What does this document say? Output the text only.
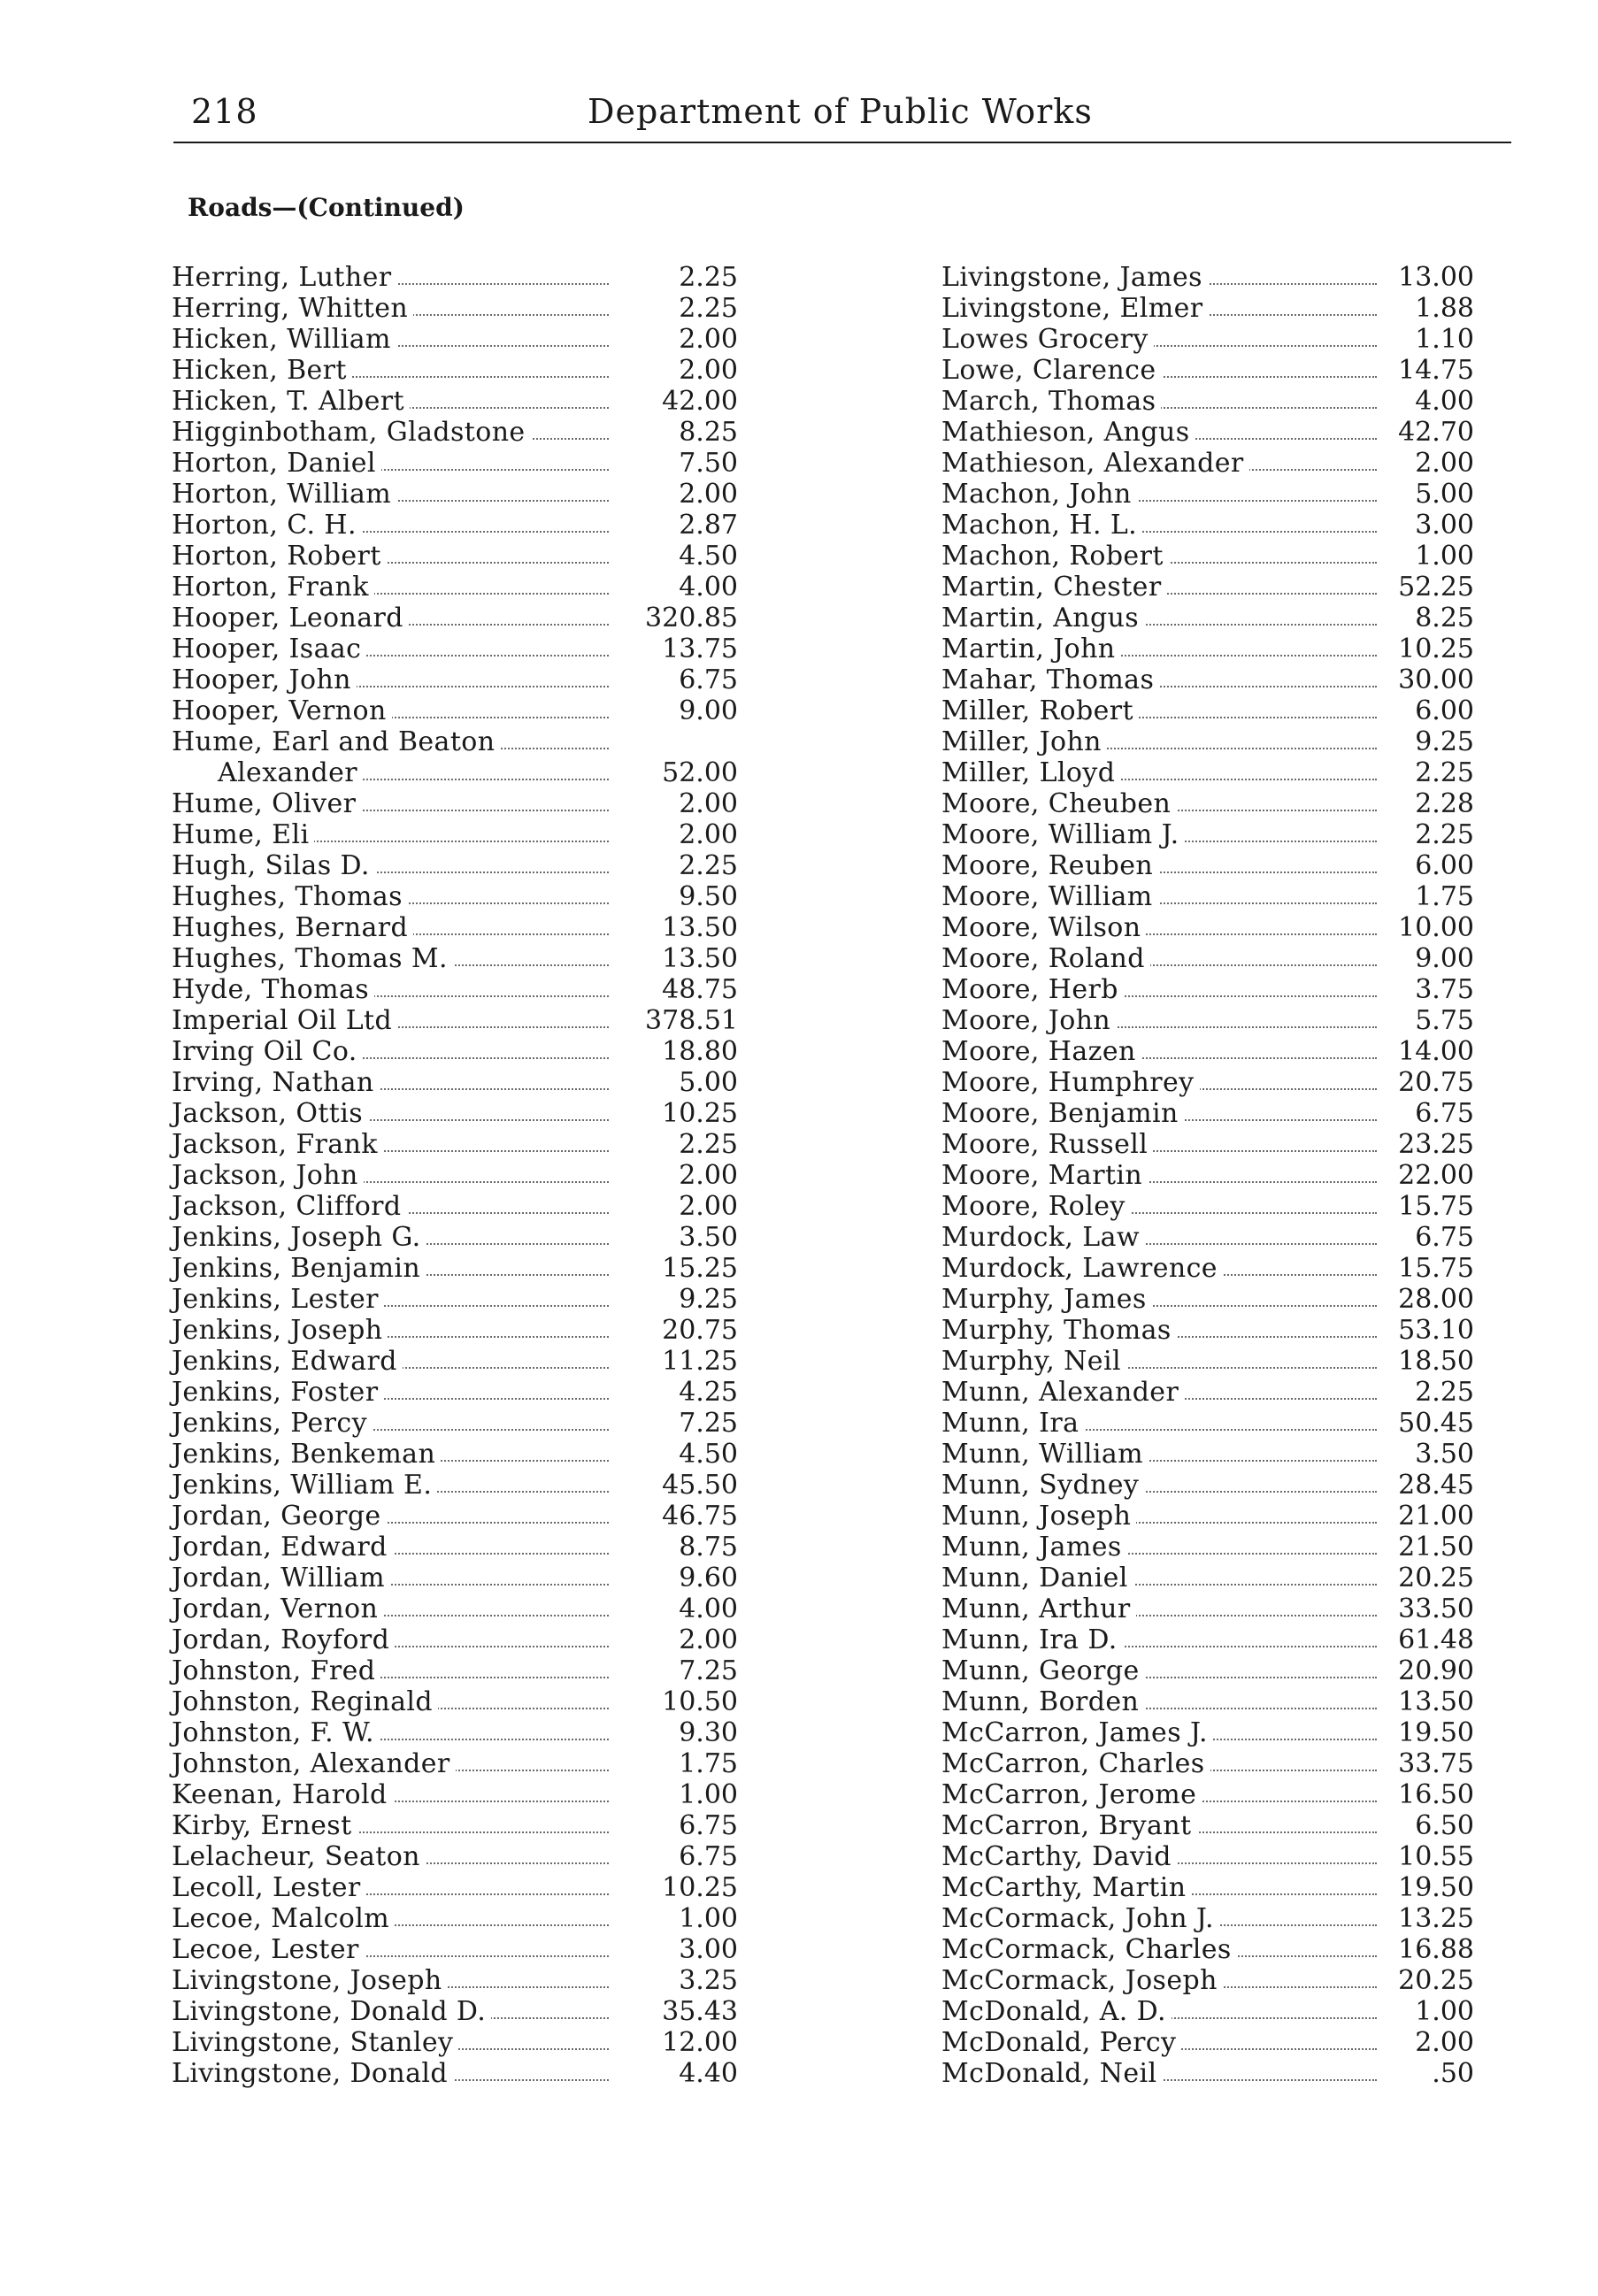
218	Department of Public Works
Roads—(Continued)
Herring, Luther	2.25
Herring, Whitten	2.25
Hicken, William	2.00
Hicken, Bert	2.00
Hicken, T. Albert	42.00
Higginbotham, Gladstone	8.25
Horton, Daniel	7.50
Horton, William	2.00
Horton, C. H.	2.87
Horton, Robert	4.50
Horton, Frank	4.00
Hooper, Leonard	320.85
Hooper, Isaac	13.75
Hooper, John	6.75
Hooper, Vernon	9.00
Hume, Earl and Beaton
Alexander	52.00
Hume, Oliver	2.00
Hume, Eli	2.00
Hugh, Silas D.	2.25
Hughes, Thomas	9.50
Hughes, Bernard	13.50
Hughes, Thomas M.	13.50
Hyde, Thomas	48.75
Imperial Oil Ltd	378.51
Irving Oil Co.	18.80
Irving, Nathan	5.00
Jackson, Ottis	10.25
Jackson, Frank	2.25
Jackson, John	2.00
Jackson, Clifford	2.00
Jenkins, Joseph G.	3.50
Jenkins, Benjamin	15.25
Jenkins, Lester	9.25
Jenkins, Joseph	20.75
Jenkins, Edward	11.25
Jenkins, Foster	4.25
Jenkins, Percy	7.25
Jenkins, Benkeman	4.50
Jenkins, William E.	45.50
Jordan, George	46.75
Jordan, Edward	8.75
Jordan, William	9.60
Jordan, Vernon	4.00
Jordan, Royford	2.00
Johnston, Fred	7.25
Johnston, Reginald	10.50
Johnston, F. W.	9.30
Johnston, Alexander	1.75
Keenan, Harold	1.00
Kirby, Ernest	6.75
Lelacheur, Seaton	6.75
Lecoll, Lester	10.25
Lecoe, Malcolm	1.00
Lecoe, Lester	3.00
Livingstone, Joseph	3.25
Livingstone, Donald D.	35.43
Livingstone, Stanley	12.00
Livingstone, Donald	4.40
Livingstone, James	13.00
Livingstone, Elmer	1.88
Lowes Grocery	1.10
Lowe, Clarence	14.75
March, Thomas	4.00
Mathieson, Angus	42.70
Mathieson, Alexander	2.00
Machon, John	5.00
Machon, H. L.	3.00
Machon, Robert	1.00
Martin, Chester	52.25
Martin, Angus	8.25
Martin, John	10.25
Mahar, Thomas	30.00
Miller, Robert	6.00
Miller, John	9.25
Miller, Lloyd	2.25
Moore, Cheuben	2.28
Moore, William J.	2.25
Moore, Reuben	6.00
Moore, William	1.75
Moore, Wilson	10.00
Moore, Roland	9.00
Moore, Herb	3.75
Moore, John	5.75
Moore, Hazen	14.00
Moore, Humphrey	20.75
Moore, Benjamin	6.75
Moore, Russell	23.25
Moore, Martin	22.00
Moore, Roley	15.75
Murdock, Law	6.75
Murdock, Lawrence	15.75
Murphy, James	28.00
Murphy, Thomas	53.10
Murphy, Neil	18.50
Munn, Alexander	2.25
Munn, Ira	50.45
Munn, William	3.50
Munn, Sydney	28.45
Munn, Joseph	21.00
Munn, James	21.50
Munn, Daniel	20.25
Munn, Arthur	33.50
Munn, Ira D.	61.48
Munn, George	20.90
Munn, Borden	13.50
McCarron, James J.	19.50
McCarron, Charles	33.75
McCarron, Jerome	16.50
McCarron, Bryant	6.50
McCarthy, David	10.55
McCarthy, Martin	19.50
McCormack, John J.	13.25
McCormack, Charles	16.88
McCormack, Joseph	20.25
McDonald, A. D.	1.00
McDonald, Percy	2.00
McDonald, Neil	.50
